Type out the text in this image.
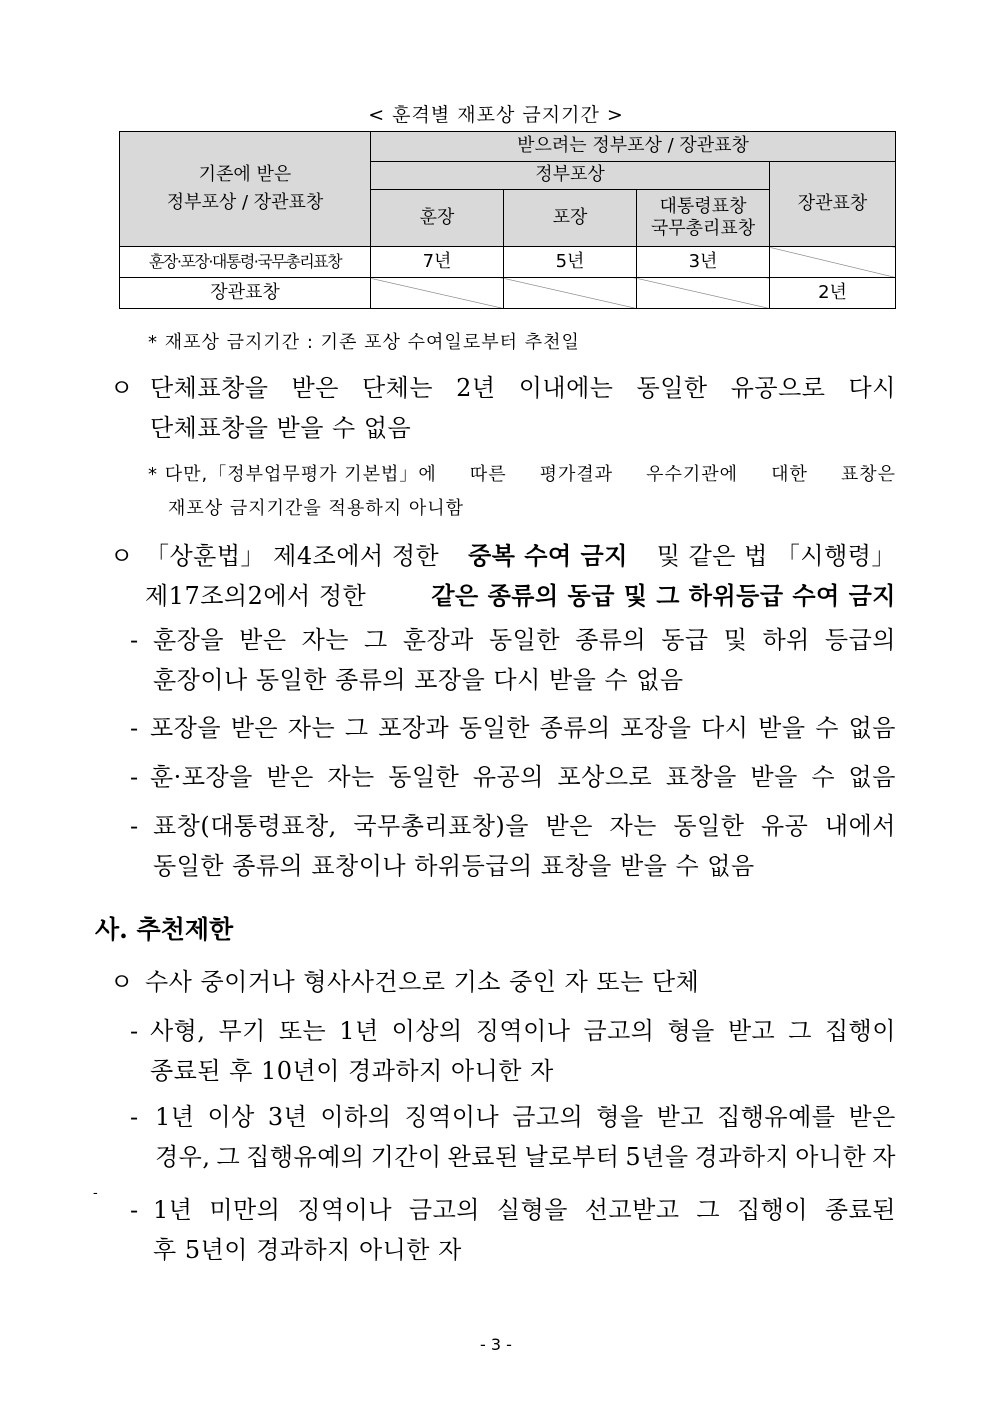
< 훈격별 재포상 금지기간 >
기존에 받은
정부포상 / 장관표창	받으려는 정부포상 / 장관표창			
	정부포상			장관표창
	훈장	포장	대통령표창
국무총리표창	

훈장·포장·대통령·국무총리표창	7년	5년	3년	
장관표창				2년
* 재포상 금지기간 : 기존 포상 수여일로부터 추천일
ㅇ 단체표창을 받은 단체는 2년 이내에는 동일한 유공으로 다시
단체표창을 받을 수 없음
* 다만,「정부업무평가 기본법」에 따른 평가결과 우수기관에 대한 표창은
재포상 금지기간을 적용하지 아니함
ㅇ 「상훈법」 제4조에서 정한 중복 수여 금지 및 같은 법 「시행령」
제17조의2에서 정한	같은 종류의 동급 및 그 하위등급 수여 금지
- 훈장을 받은 자는 그 훈장과 동일한 종류의 동급 및 하위 등급의
훈장이나 동일한 종류의 포장을 다시 받을 수 없음
- 포장을 받은 자는 그 포장과 동일한 종류의 포장을 다시 받을 수 없음
- 훈·포장을 받은 자는 동일한 유공의 포상으로 표창을 받을 수 없음
- 표창(대통령표창, 국무총리표창)을 받은 자는 동일한 유공 내에서
동일한 종류의 표창이나 하위등급의 표창을 받을 수 없음
사. 추천제한
ㅇ 수사 중이거나 형사사건으로 기소 중인 자 또는 단체
- 사형, 무기 또는 1년 이상의 징역이나 금고의 형을 받고 그 집행이
종료된 후 10년이 경과하지 아니한 자
- 1년 이상 3년 이하의 징역이나 금고의 형을 받고 집행유예를 받은
경우, 그 집행유예의 기간이 완료된 날로부터 5년을 경과하지 아니한 자
-
- 1년 미만의 징역이나 금고의 실형을 선고받고 그 집행이 종료된
후 5년이 경과하지 아니한 자
- 3 -
